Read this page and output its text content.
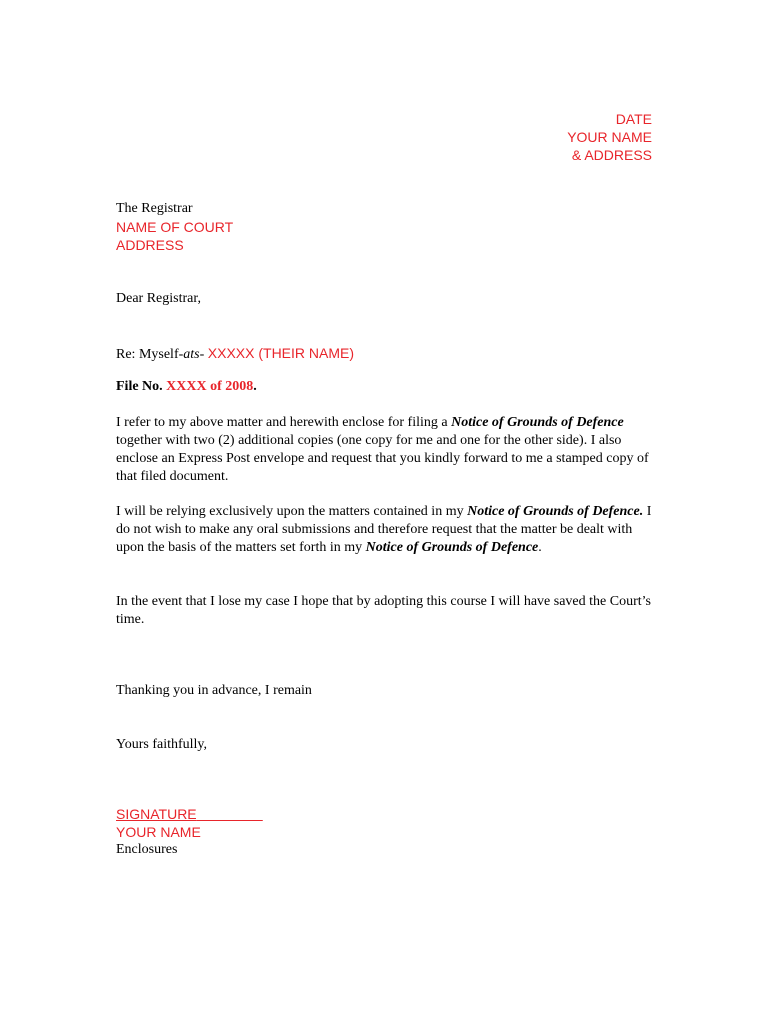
DATE
YOUR NAME
& ADDRESS
The Registrar
NAME OF COURT
ADDRESS
Dear Registrar,
Re: Myself-ats- XXXXX (THEIR NAME)
File No. XXXX of 2008.
I refer to my above matter and herewith enclose for filing a Notice of Grounds of Defence together with two (2) additional copies (one copy for me and one for the other side). I also enclose an Express Post envelope and request that you kindly forward to me a stamped copy of that filed document.
I will be relying exclusively upon the matters contained in my Notice of Grounds of Defence. I do not wish to make any oral submissions and therefore request that the matter be dealt with upon the basis of the matters set forth in my Notice of Grounds of Defence.
In the event that I lose my case I hope that by adopting this course I will have saved the Court’s time.
Thanking you in advance, I remain
Yours faithfully,
SIGNATURE
YOUR NAME
Enclosures
